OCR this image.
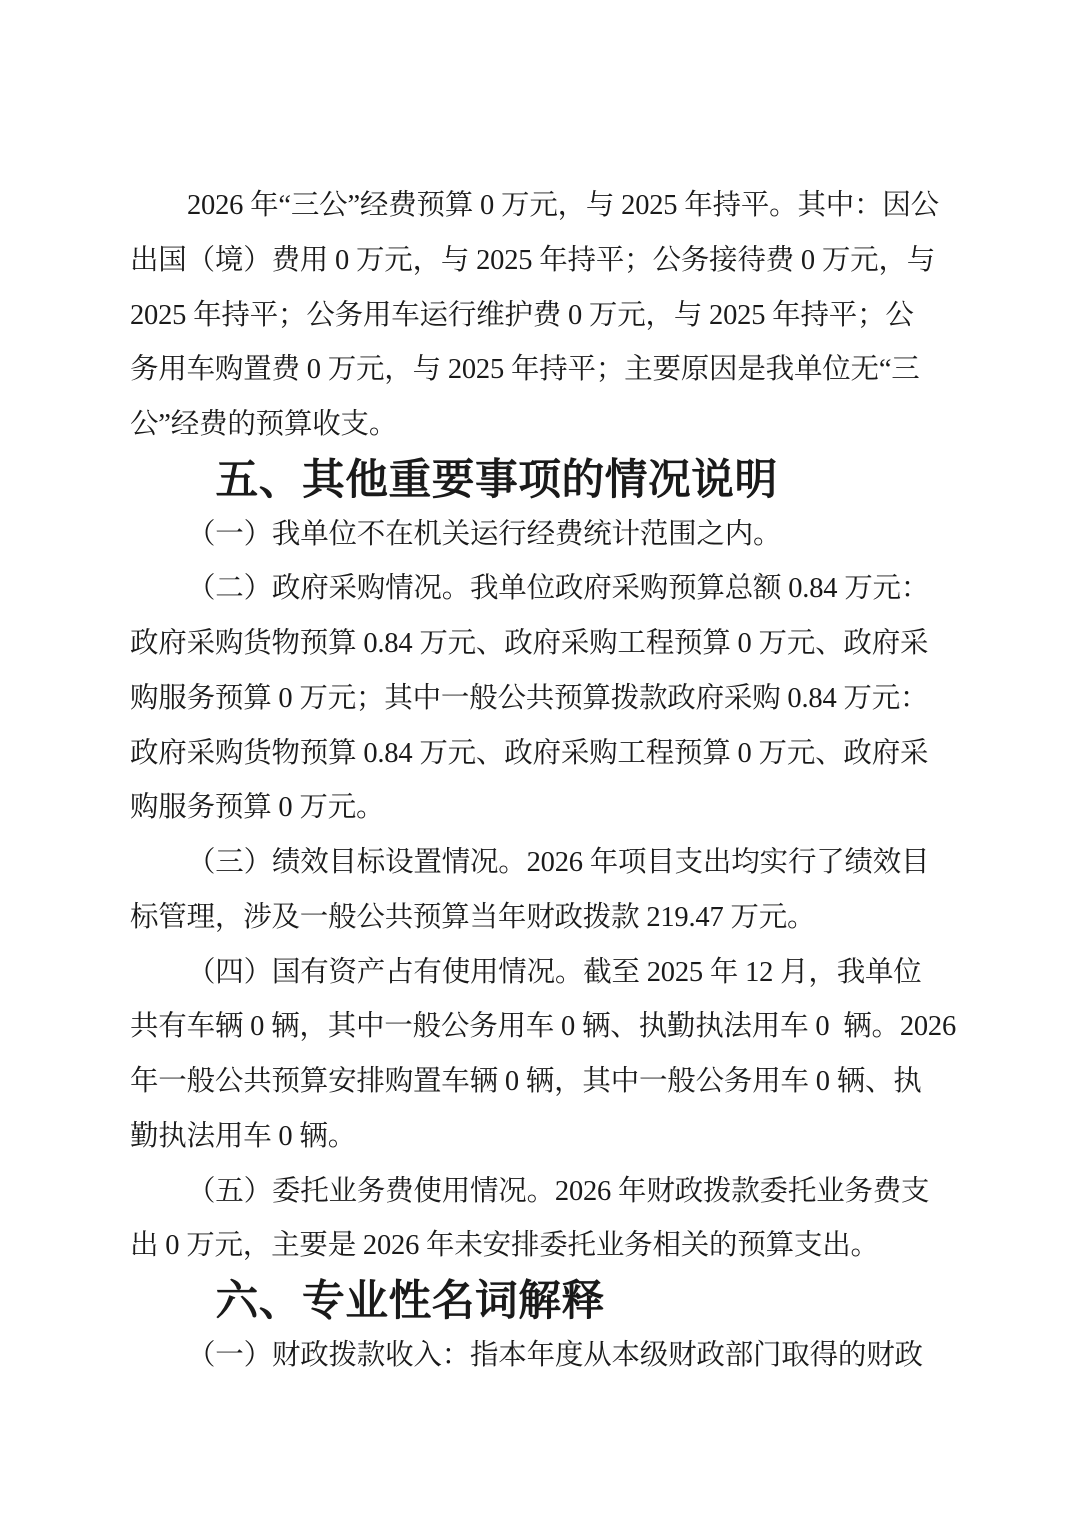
2026 年“三公”经费预算 0 万元，与 2025 年持平。其中：因公

出国（境）费用 0 万元，与 2025 年持平；公务接待费 0 万元，与

2025 年持平；公务用车运行维护费 0 万元，与 2025 年持平；公

务用车购置费 0 万元，与 2025 年持平；主要原因是我单位无“三

公”经费的预算收支。

五、其他重要事项的情况说明

（一）我单位不在机关运行经费统计范围之内。

（二）政府采购情况。我单位政府采购预算总额 0.84 万元：

政府采购货物预算 0.84 万元、政府采购工程预算 0 万元、政府采

购服务预算 0 万元；其中一般公共预算拨款政府采购 0.84 万元：

政府采购货物预算 0.84 万元、政府采购工程预算 0 万元、政府采

购服务预算 0 万元。

（三）绩效目标设置情况。2026 年项目支出均实行了绩效目

标管理，涉及一般公共预算当年财政拨款 219.47 万元。

（四）国有资产占有使用情况。截至 2025 年 12 月，我单位

共有车辆 0 辆，其中一般公务用车 0 辆、执勤执法用车 0  辆。2026

年一般公共预算安排购置车辆 0 辆，其中一般公务用车 0 辆、执

勤执法用车 0 辆。

（五）委托业务费使用情况。2026 年财政拨款委托业务费支

出 0 万元，主要是 2026 年未安排委托业务相关的预算支出。

六、专业性名词解释

（一）财政拨款收入：指本年度从本级财政部门取得的财政
